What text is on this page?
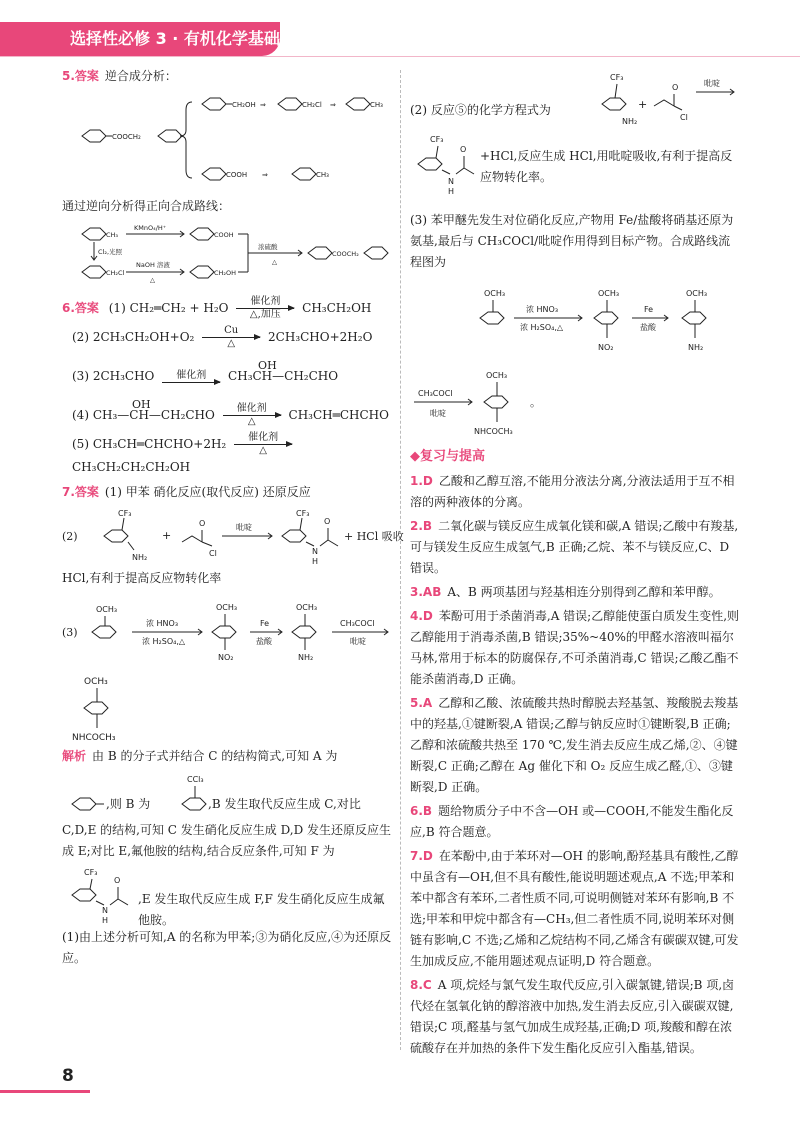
选择性必修 3 · 有机化学基础

5.答案 逆合成分析：

COOCH₂
CH₂OH ⇒	CH₂Cl ⇒	CH₃
COOH ⇒	CH₃

通过逆向分析得正向合成路线：

CH₃
KMnO₄/H⁺
COOH
Cl₂,光照
CH₂Cl
NaOH 溶液
△
CH₂OH
浓硫酸
△
COOCH₂
6.答案 (1) CH₂═CH₂ + H₂O	催化剂
△,加压	CH₃CH₂OH
(2) 2CH₃CH₂OH+O₂	Cu
△	2CH₃CHO+2H₂O
(3) 2CH₃CHO	催化剂

OH
CH₃CH—CH₂CHO
OH
(4) CH₃—CH—CH₂CHO	催化剂
△	CH₃CH═CHCHO
(5) CH₃CH═CHCHO+2H₂	催化剂
△
CH₃CH₂CH₂CH₂OH

7.答案 (1) 甲苯 硝化反应(取代反应) 还原反应

(2)
CF₃
NH₂
+
O
Cl
吡啶
CF₃
N
H
O
+ HCl 吸收

HCl,有利于提高反应物转化率

(3)
OCH₃
浓 HNO₃
浓 H₂SO₄,△
OCH₃
NO₂
Fe
盐酸
OCH₃
NH₂
CH₃COCl
吡啶
OCH₃
NHCOCH₃

解析 由 B 的分子式并结合 C 的结构简式,可知 A 为

CCl₃
,则 B 为	,B 发生取代反应生成 C,对比

C,D,E 的结构,可知 C 发生硝化反应生成 D,D 发生还原反应生成 E;对比 E,氟他胺的结构,结合反应条件,可知 F 为

CF₃
N
H
O
,E 发生取代反应生成 F,F 发生硝化反应生成氟他胺。

(1)由上述分析可知,A 的名称为甲苯;③为硝化反应,④为还原反应。

(2) 反应⑤的化学方程式为
CF₃
NH₂
+
O
Cl
吡啶
CF₃
N
H
O +HCl,反应生成 HCl,用吡啶吸收,有利于提高反应物转化率。

(3) 苯甲醚先发生对位硝化反应,产物用 Fe/盐酸将硝基还原为氨基,最后与 CH₃COCl/吡啶作用得到目标产物。合成路线流程图为

OCH₃
浓 HNO₃
浓 H₂SO₄,△
OCH₃
NO₂
Fe
盐酸
OCH₃
NH₂
CH₃COCl
吡啶
OCH₃
NHCOCH₃
。
◆复习与提高

1.D 乙酸和乙醇互溶,不能用分液法分离,分液法适用于互不相溶的两种液体的分离。

2.B 二氧化碳与镁反应生成氧化镁和碳,A 错误;乙酸中有羧基,可与镁发生反应生成氢气,B 正确;乙烷、苯不与镁反应,C、D 错误。

3.AB A、B 两项基团与羟基相连分别得到乙醇和苯甲醇。

4.D 苯酚可用于杀菌消毒,A 错误;乙醇能使蛋白质发生变性,则乙醇能用于消毒杀菌,B 错误;35%~40%的甲醛水溶液叫福尔马林,常用于标本的防腐保存,不可杀菌消毒,C 错误;乙酸乙酯不能杀菌消毒,D 正确。

5.A 乙醇和乙酸、浓硫酸共热时醇脱去羟基氢、羧酸脱去羧基中的羟基,①键断裂,A 错误;乙醇与钠反应时①键断裂,B 正确;乙醇和浓硫酸共热至 170 ℃,发生消去反应生成乙烯,②、④键断裂,C 正确;乙醇在 Ag 催化下和 O₂ 反应生成乙醛,①、③键断裂,D 正确。

6.B 题给物质分子中不含—OH 或—COOH,不能发生酯化反应,B 符合题意。

7.D 在苯酚中,由于苯环对—OH 的影响,酚羟基具有酸性,乙醇中虽含有—OH,但不具有酸性,能说明题述观点,A 不选;甲苯和苯中都含有苯环,二者性质不同,可说明侧链对苯环有影响,B 不选;甲苯和甲烷中都含有—CH₃,但二者性质不同,说明苯环对侧链有影响,C 不选;乙烯和乙烷结构不同,乙烯含有碳碳双键,可发生加成反应,不能用题述观点证明,D 符合题意。

8.C A 项,烷烃与氯气发生取代反应,引入碳氯键,错误;B 项,卤代烃在氢氧化钠的醇溶液中加热,发生消去反应,引入碳碳双键,错误;C 项,醛基与氢气加成生成羟基,正确;D 项,羧酸和醇在浓硫酸存在并加热的条件下发生酯化反应引入酯基,错误。

8
